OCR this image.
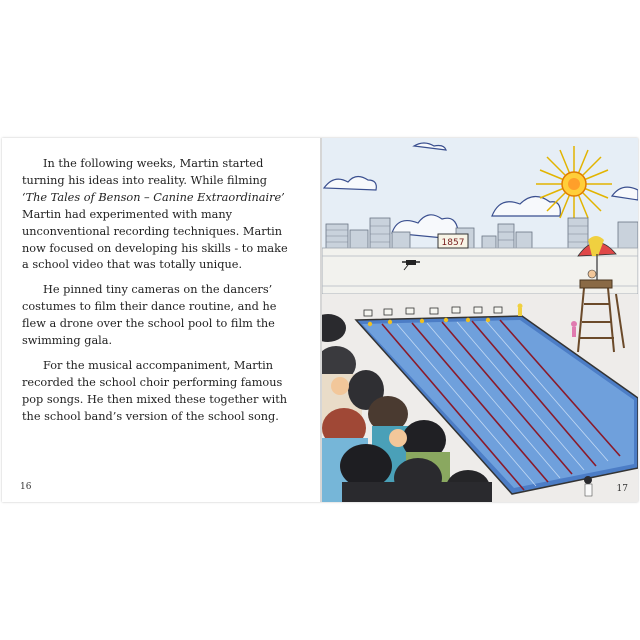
In the following weeks, Martin started turning his ideas into reality. While filming ‘The Tales of Benson – Canine Extraordinaire’ Martin had experimented with many unconventional recording techniques. Martin now focused on developing his skills - to make a school video that was totally unique.

He pinned tiny cameras on the dancers’ costumes to film their dance routine, and he flew a drone over the school pool to film the swimming gala.

For the musical accompaniment, Martin recorded the school choir performing famous pop songs. He then mixed these together with the school band’s version of the school song.

16
1857
17
